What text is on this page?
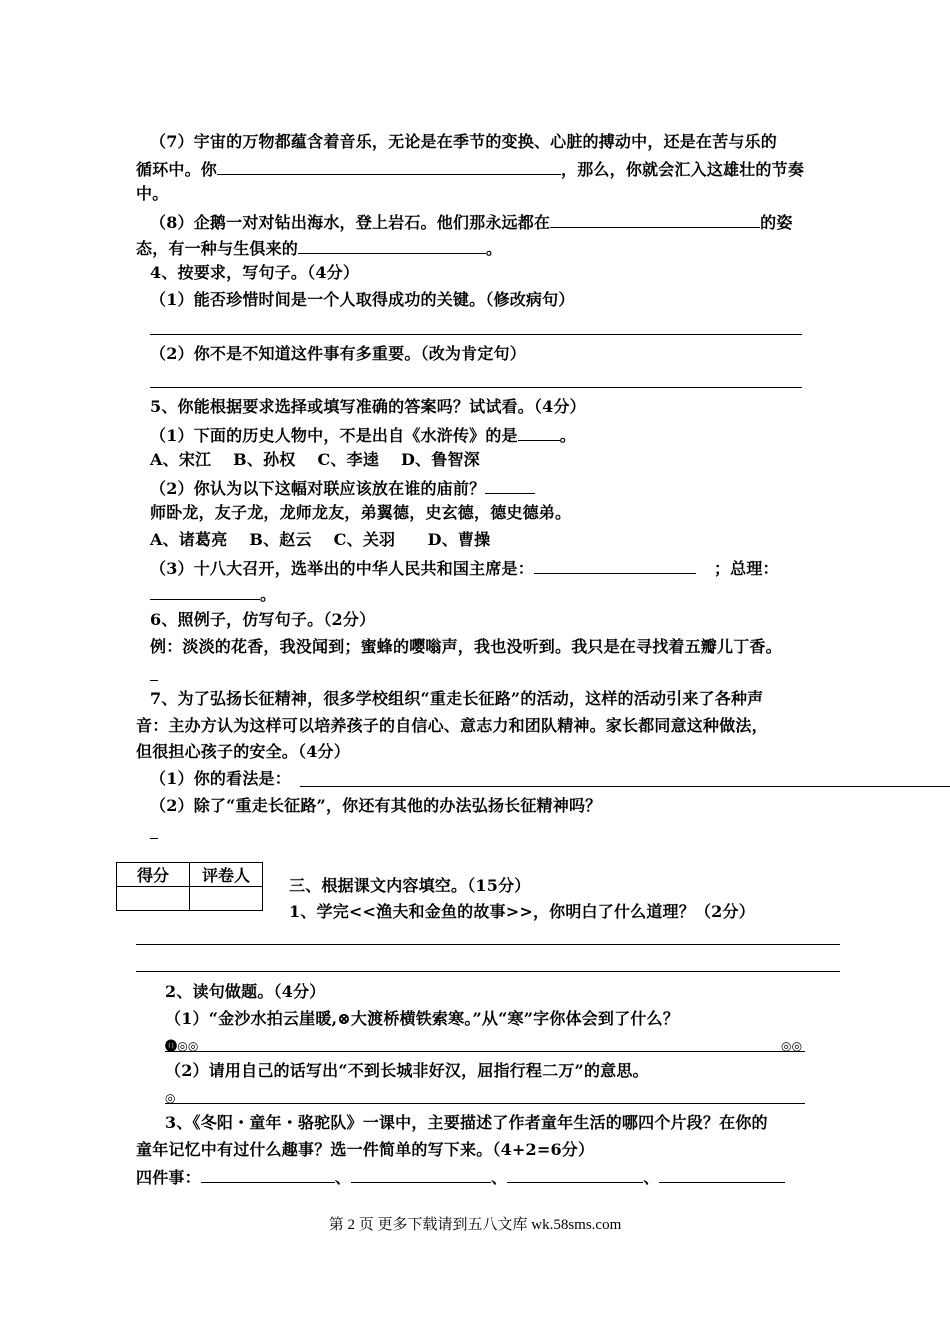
（7）宇宙的万物都蕴含着音乐，无论是在季节的变换、心脏的搏动中，还是在苦与乐的
循环中。你	，那么，你就会汇入这雄壮的节奏
中。
（8）企鹅一对对钻出海水，登上岩石。他们那永远都在	的姿
态，有一种与生俱来的	。
4、按要求，写句子。（4分）
（1）能否珍惜时间是一个人取得成功的关键。（修改病句）
（2）你不是不知道这件事有多重要。（改为肯定句）
5、你能根据要求选择或填写准确的答案吗？试试看。（4分）
（1）下面的历史人物中，不是出自《水浒传》的是	。
A、宋江　 B、孙权　 C、李逵　 D、鲁智深
（2）你认为以下这幅对联应该放在谁的庙前？
师卧龙，友子龙，龙师龙友，弟翼德，史玄德，德史德弟。
A、诸葛亮　 B、赵云　 C、关羽　　D、曹操
（3）十八大召开，选举出的中华人民共和国主席是：	；总理：
。
6、照例子，仿写句子。（2分）
例：淡淡的花香，我没闻到；蜜蜂的嘤嗡声，我也没听到。我只是在寻找着五瓣儿丁香。
7、为了弘扬长征精神，很多学校组织“重走长征路”的活动，这样的活动引来了各种声
音：主办方认为这样可以培养孩子的自信心、意志力和团队精神。家长都同意这种做法，
但很担心孩子的安全。（4分）
（1）你的看法是：
（2）除了“重走长征路”，你还有其他的办法弘扬长征精神吗？
得分	评卷人

三、根据课文内容填空。（15分）
1、学完<<渔夫和金鱼的故事>>，你明白了什么道理？（2分）
2、读句做题。（4分）
（1）“金沙水拍云崖暖,⊗大渡桥横铁索寒。”从“寒”字你体会到了什么？
⓿◎◎	◎◎
（2）请用自己的话写出“不到长城非好汉，屈指行程二万”的意思。
◎
3、《冬阳・童年・骆驼队》一课中，主要描述了作者童年生活的哪四个片段？在你的
童年记忆中有过什么趣事？选一件简单的写下来。（4+2=6分）
四件事：	、	、	、
第 2 页 更多下载请到五八文库 wk.58sms.com
